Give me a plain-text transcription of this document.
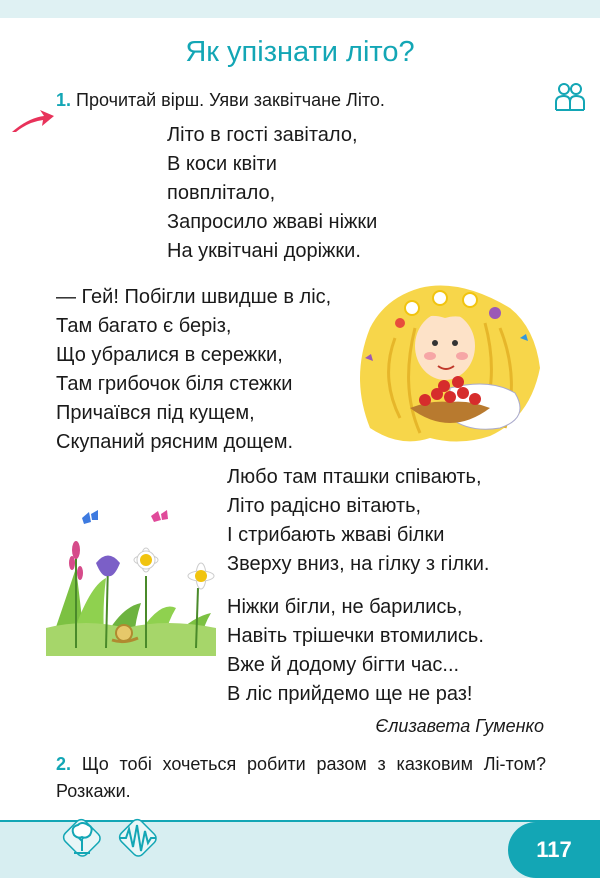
Як упізнати літо?
1. Прочитай вірш. Уяви заквітчане Літо.
Літо в гості завітало,
В коси квіти
повплітало,
Запросило жваві ніжки
На уквітчані доріжки.
— Гей! Побігли швидше в ліс,
Там багато є беріз,
Що убралися в сережки,
Там грибочок біля стежки
Причаївся під кущем,
Скупаний рясним дощем.
Любо там пташки співають,
Літо радісно вітають,
І стрибають жваві білки
Зверху вниз, на гілку з гілки.
Ніжки бігли, не барились,
Навіть трішечки втомились.
Вже й додому бігти час...
В ліс прийдемо ще не раз!
Єлизавета Гуменко
2. Що тобі хочеться робити разом з казковим Лі-том? Розкажи.
117
